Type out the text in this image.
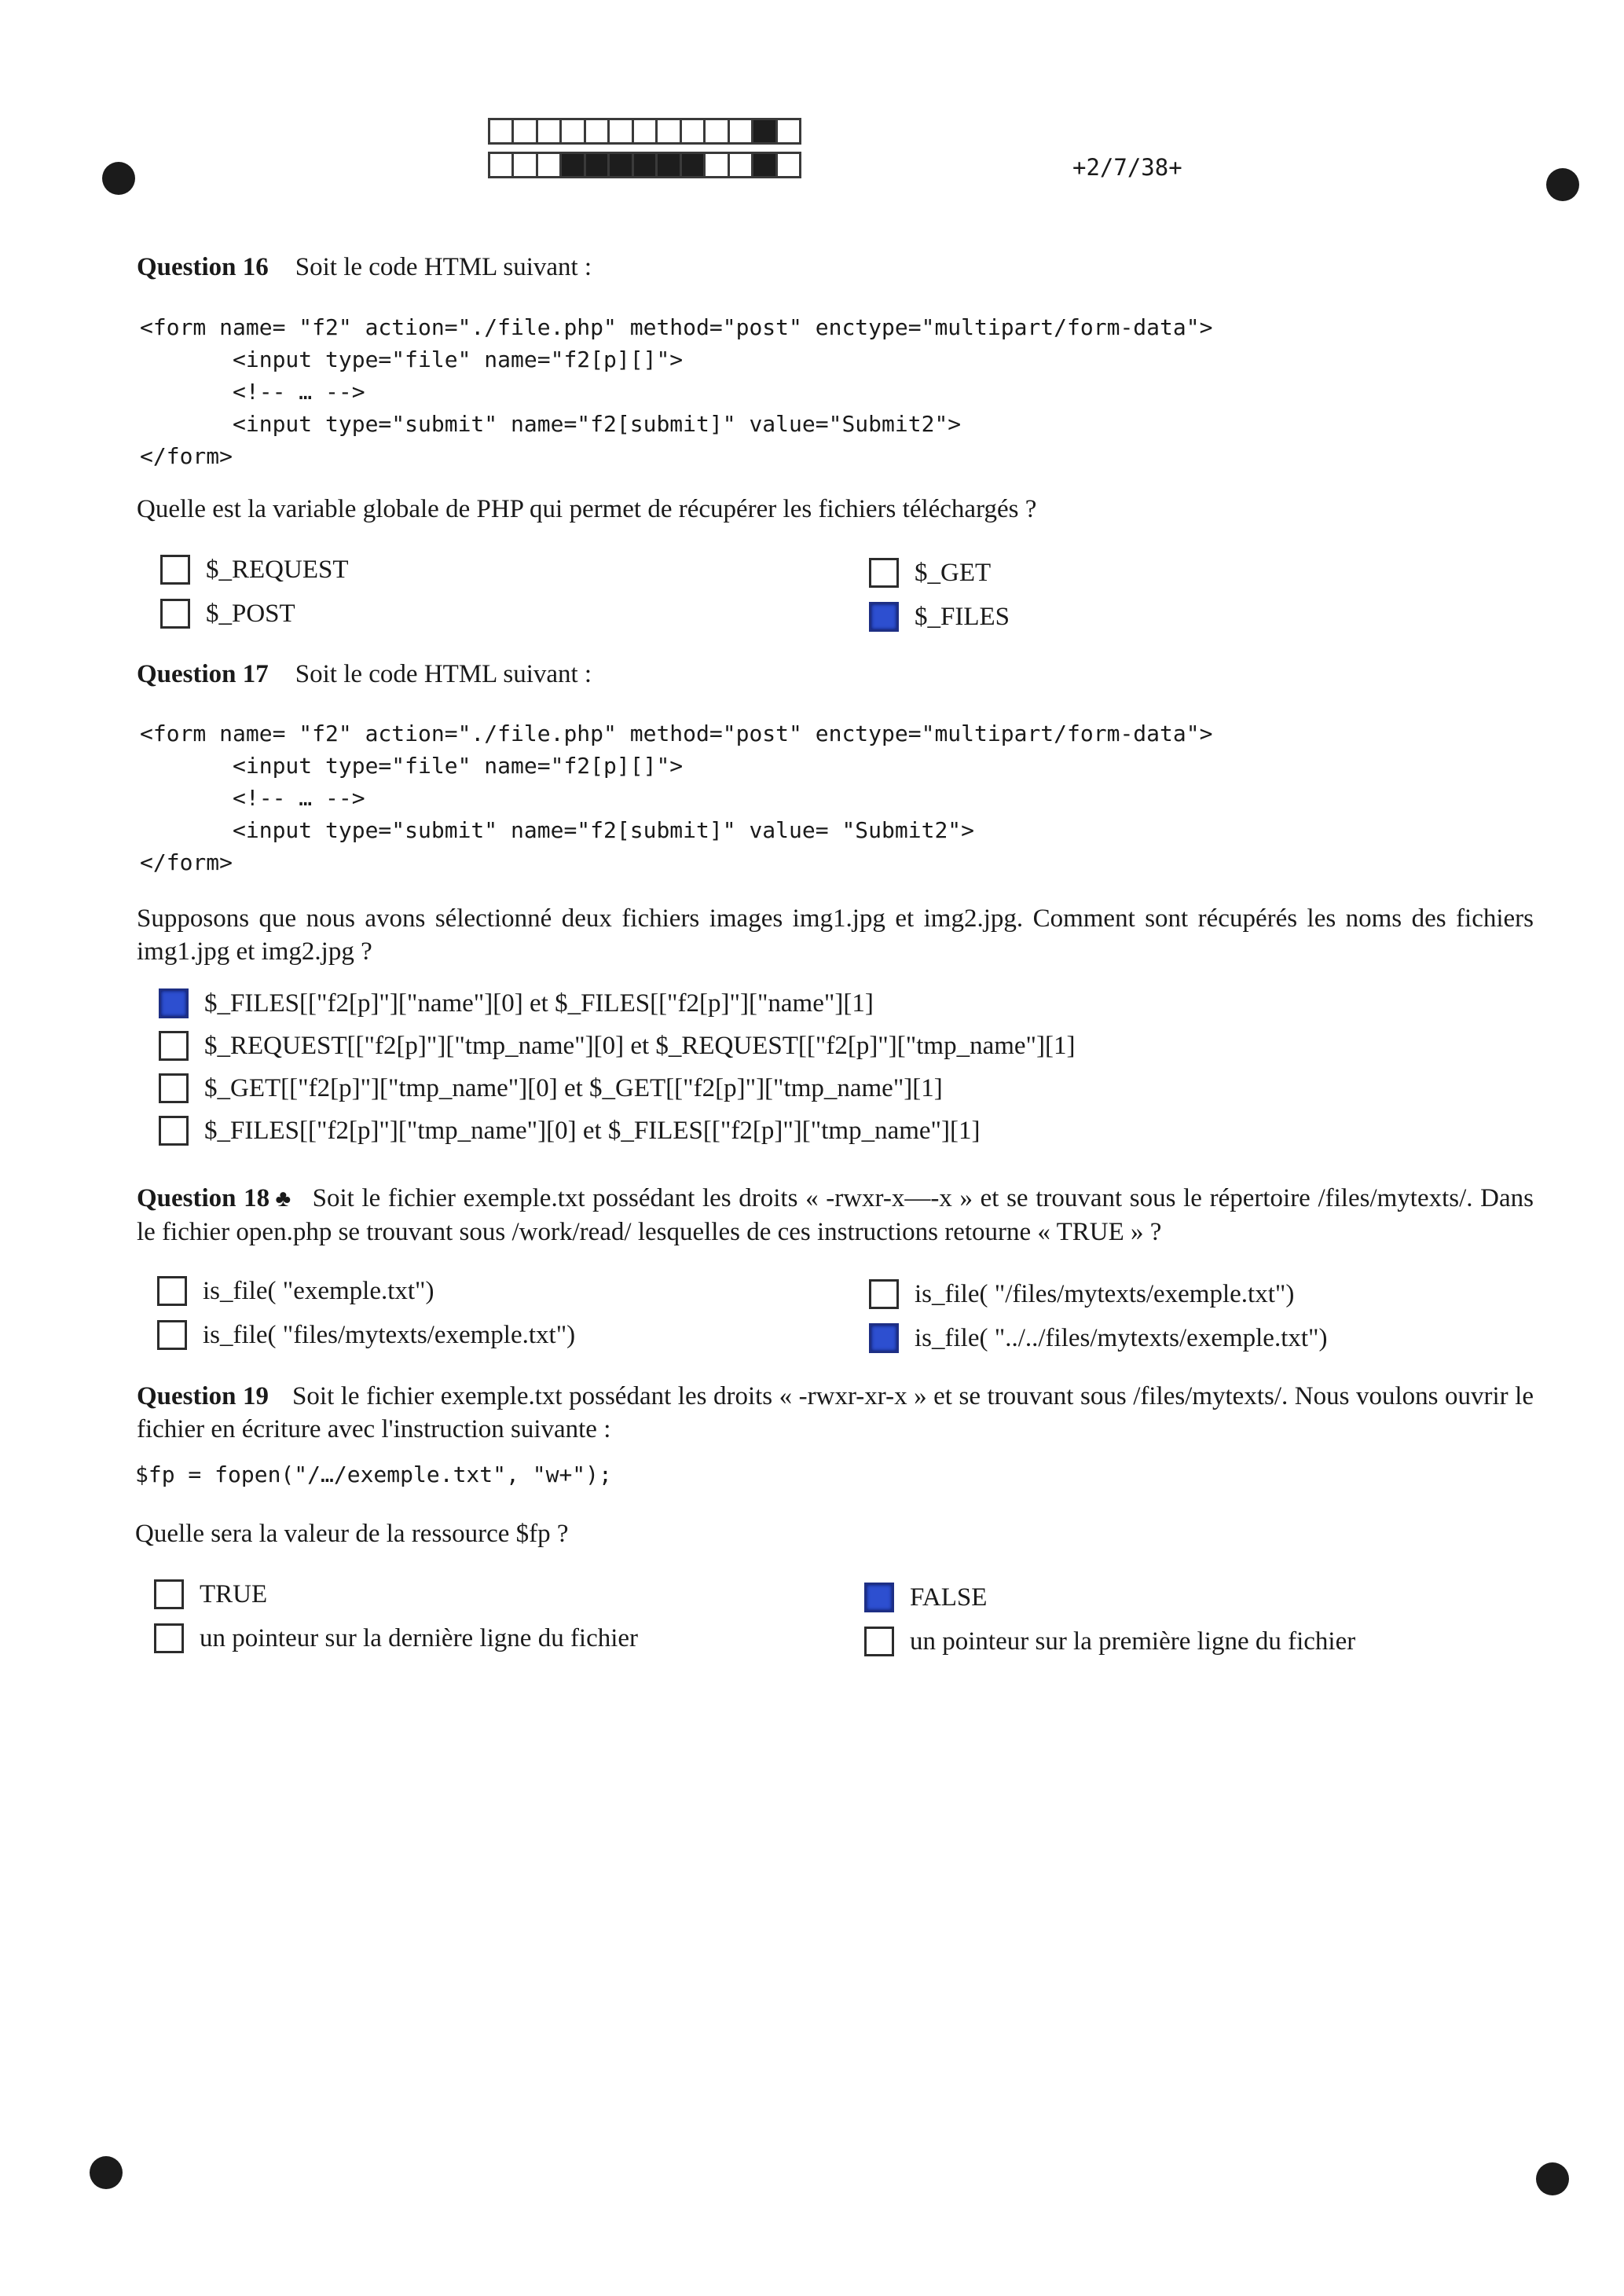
+2/7/38+
Question 16 Soit le code HTML suivant :
<form name= "f2" action="./file.php" method="post" enctype="multipart/form-data">
<input type="file" name="f2[p][]">
<!-- … -->
<input type="submit" name="f2[submit]" value="Submit2">
</form>
Quelle est la variable globale de PHP qui permet de récupérer les fichiers téléchargés ?
$_REQUEST	$_GET
$_POST	$_FILES
Question 17 Soit le code HTML suivant :
<form name= "f2" action="./file.php" method="post" enctype="multipart/form-data">
<input type="file" name="f2[p][]">
<!-- … -->
<input type="submit" name="f2[submit]" value= "Submit2">
</form>
Supposons que nous avons sélectionné deux fichiers images img1.jpg et img2.jpg. Comment sont récupérés les noms des fichiers img1.jpg et img2.jpg ?
$_FILES[["f2[p]"]["name"][0] et $_FILES[["f2[p]"]["name"][1]
$_REQUEST[["f2[p]"]["tmp_name"][0] et $_REQUEST[["f2[p]"]["tmp_name"][1]
$_GET[["f2[p]"]["tmp_name"][0] et $_GET[["f2[p]"]["tmp_name"][1]
$_FILES[["f2[p]"]["tmp_name"][0] et $_FILES[["f2[p]"]["tmp_name"][1]
Question 18 ♣ Soit le fichier exemple.txt possédant les droits « -rwxr-x—-x » et se trouvant sous le répertoire /files/mytexts/. Dans le fichier open.php se trouvant sous /work/read/ lesquelles de ces instructions retourne « TRUE » ?
is_file( "exemple.txt")	is_file( "/files/mytexts/exemple.txt")
is_file( "files/mytexts/exemple.txt")	is_file( "../../files/mytexts/exemple.txt")
Question 19 Soit le fichier exemple.txt possédant les droits « -rwxr-xr-x » et se trouvant sous /files/mytexts/. Nous voulons ouvrir le fichier en écriture avec l'instruction suivante :
$fp = fopen("/…/exemple.txt", "w+");
Quelle sera la valeur de la ressource $fp ?
TRUE	FALSE
un pointeur sur la dernière ligne du fichier	un pointeur sur la première ligne du fichier
